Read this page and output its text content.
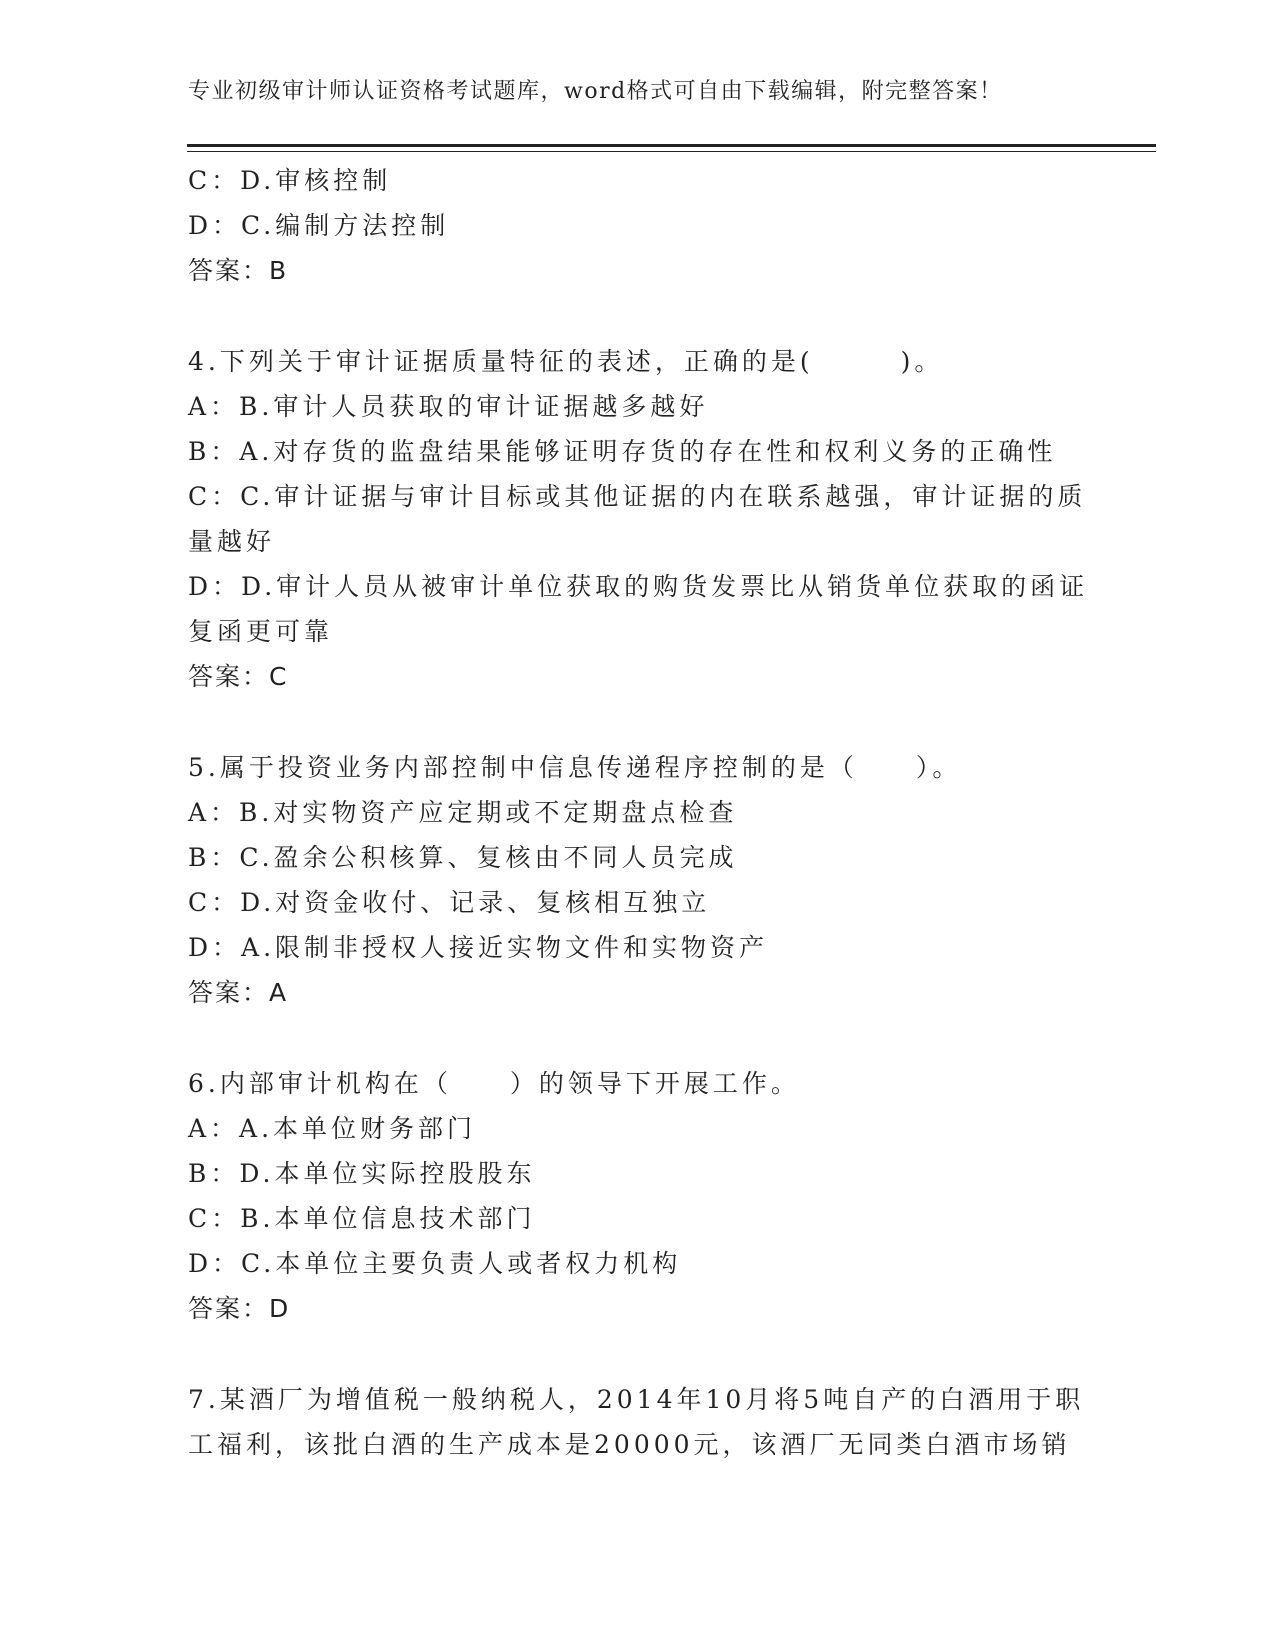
专业初级审计师认证资格考试题库，word格式可自由下载编辑，附完整答案！
C：D.审核控制
D：C.编制方法控制
答案：B
4.下列关于审计证据质量特征的表述，正确的是(　　　)。
A：B.审计人员获取的审计证据越多越好
B：A.对存货的监盘结果能够证明存货的存在性和权利义务的正确性
C：C.审计证据与审计目标或其他证据的内在联系越强，审计证据的质
量越好
D：D.审计人员从被审计单位获取的购货发票比从销货单位获取的函证
复函更可靠
答案：C
5.属于投资业务内部控制中信息传递程序控制的是（　　）。
A：B.对实物资产应定期或不定期盘点检查
B：C.盈余公积核算、复核由不同人员完成
C：D.对资金收付、记录、复核相互独立
D：A.限制非授权人接近实物文件和实物资产
答案：A
6.内部审计机构在（　　）的领导下开展工作。
A：A.本单位财务部门
B：D.本单位实际控股股东
C：B.本单位信息技术部门
D：C.本单位主要负责人或者权力机构
答案：D
7.某酒厂为增值税一般纳税人，2014年10月将5吨自产的白酒用于职
工福利，该批白酒的生产成本是20000元，该酒厂无同类白酒市场销
